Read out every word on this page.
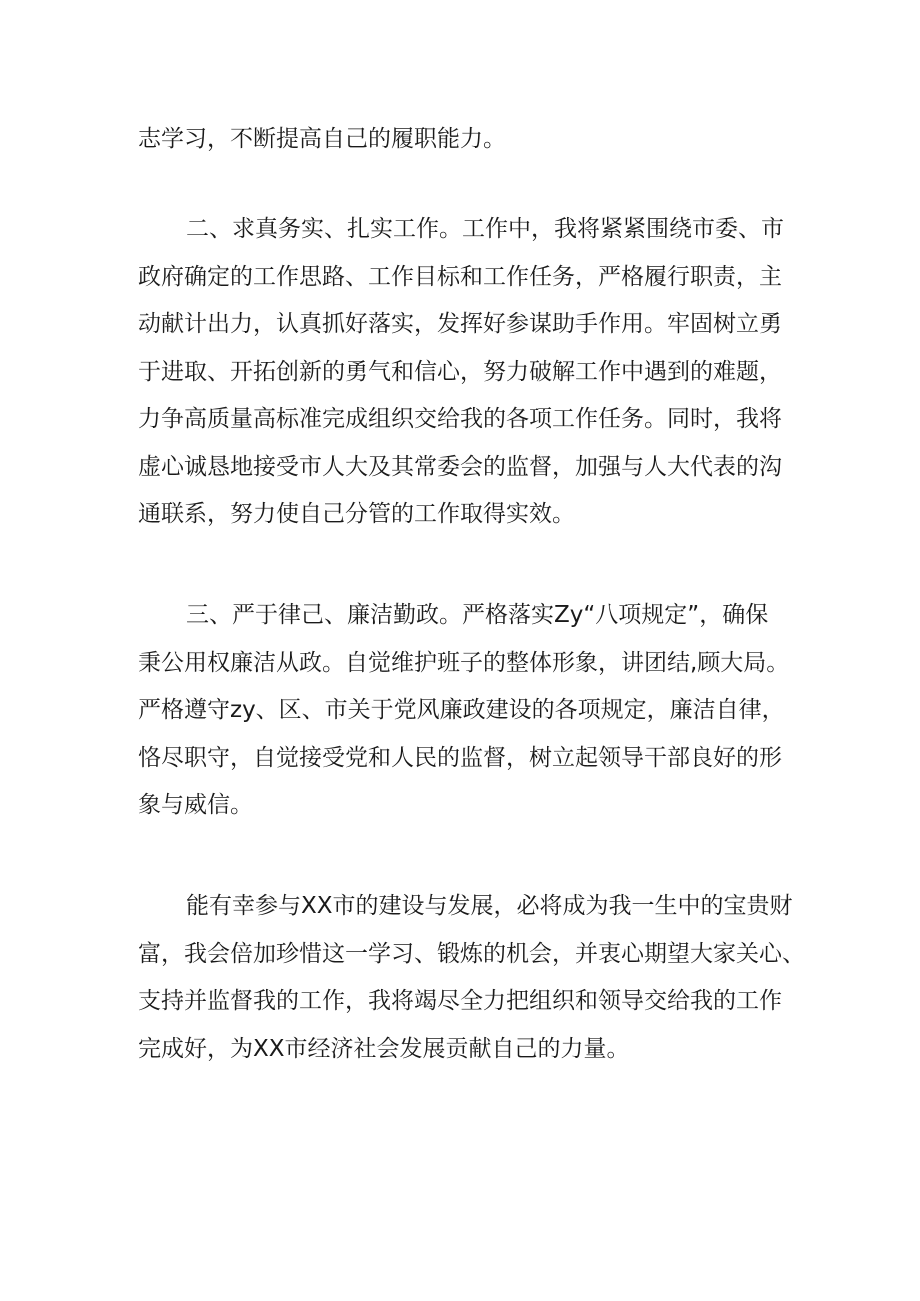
志学习，不断提高自己的履职能力。
二、求真务实、扎实工作。工作中，我将紧紧围绕市委、市
政府确定的工作思路、工作目标和工作任务，严格履行职责，主
动献计出力，认真抓好落实，发挥好参谋助手作用。牢固树立勇
于进取、开拓创新的勇气和信心，努力破解工作中遇到的难题，
力争高质量高标准完成组织交给我的各项工作任务。同时，我将
虚心诚恳地接受市人大及其常委会的监督，加强与人大代表的沟
通联系，努力使自己分管的工作取得实效。
三、严于律己、廉洁勤政。严格落实Zy“八项规定”，确保
秉公用权廉洁从政。自觉维护班子的整体形象，讲团结,顾大局。
严格遵守zy、区、市关于党风廉政建设的各项规定，廉洁自律，
恪尽职守，自觉接受党和人民的监督，树立起领导干部良好的形
象与威信。
能有幸参与XX市的建设与发展，必将成为我一生中的宝贵财
富，我会倍加珍惜这一学习、锻炼的机会，并衷心期望大家关心、
支持并监督我的工作，我将竭尽全力把组织和领导交给我的工作
完成好，为XX市经济社会发展贡献自己的力量。
